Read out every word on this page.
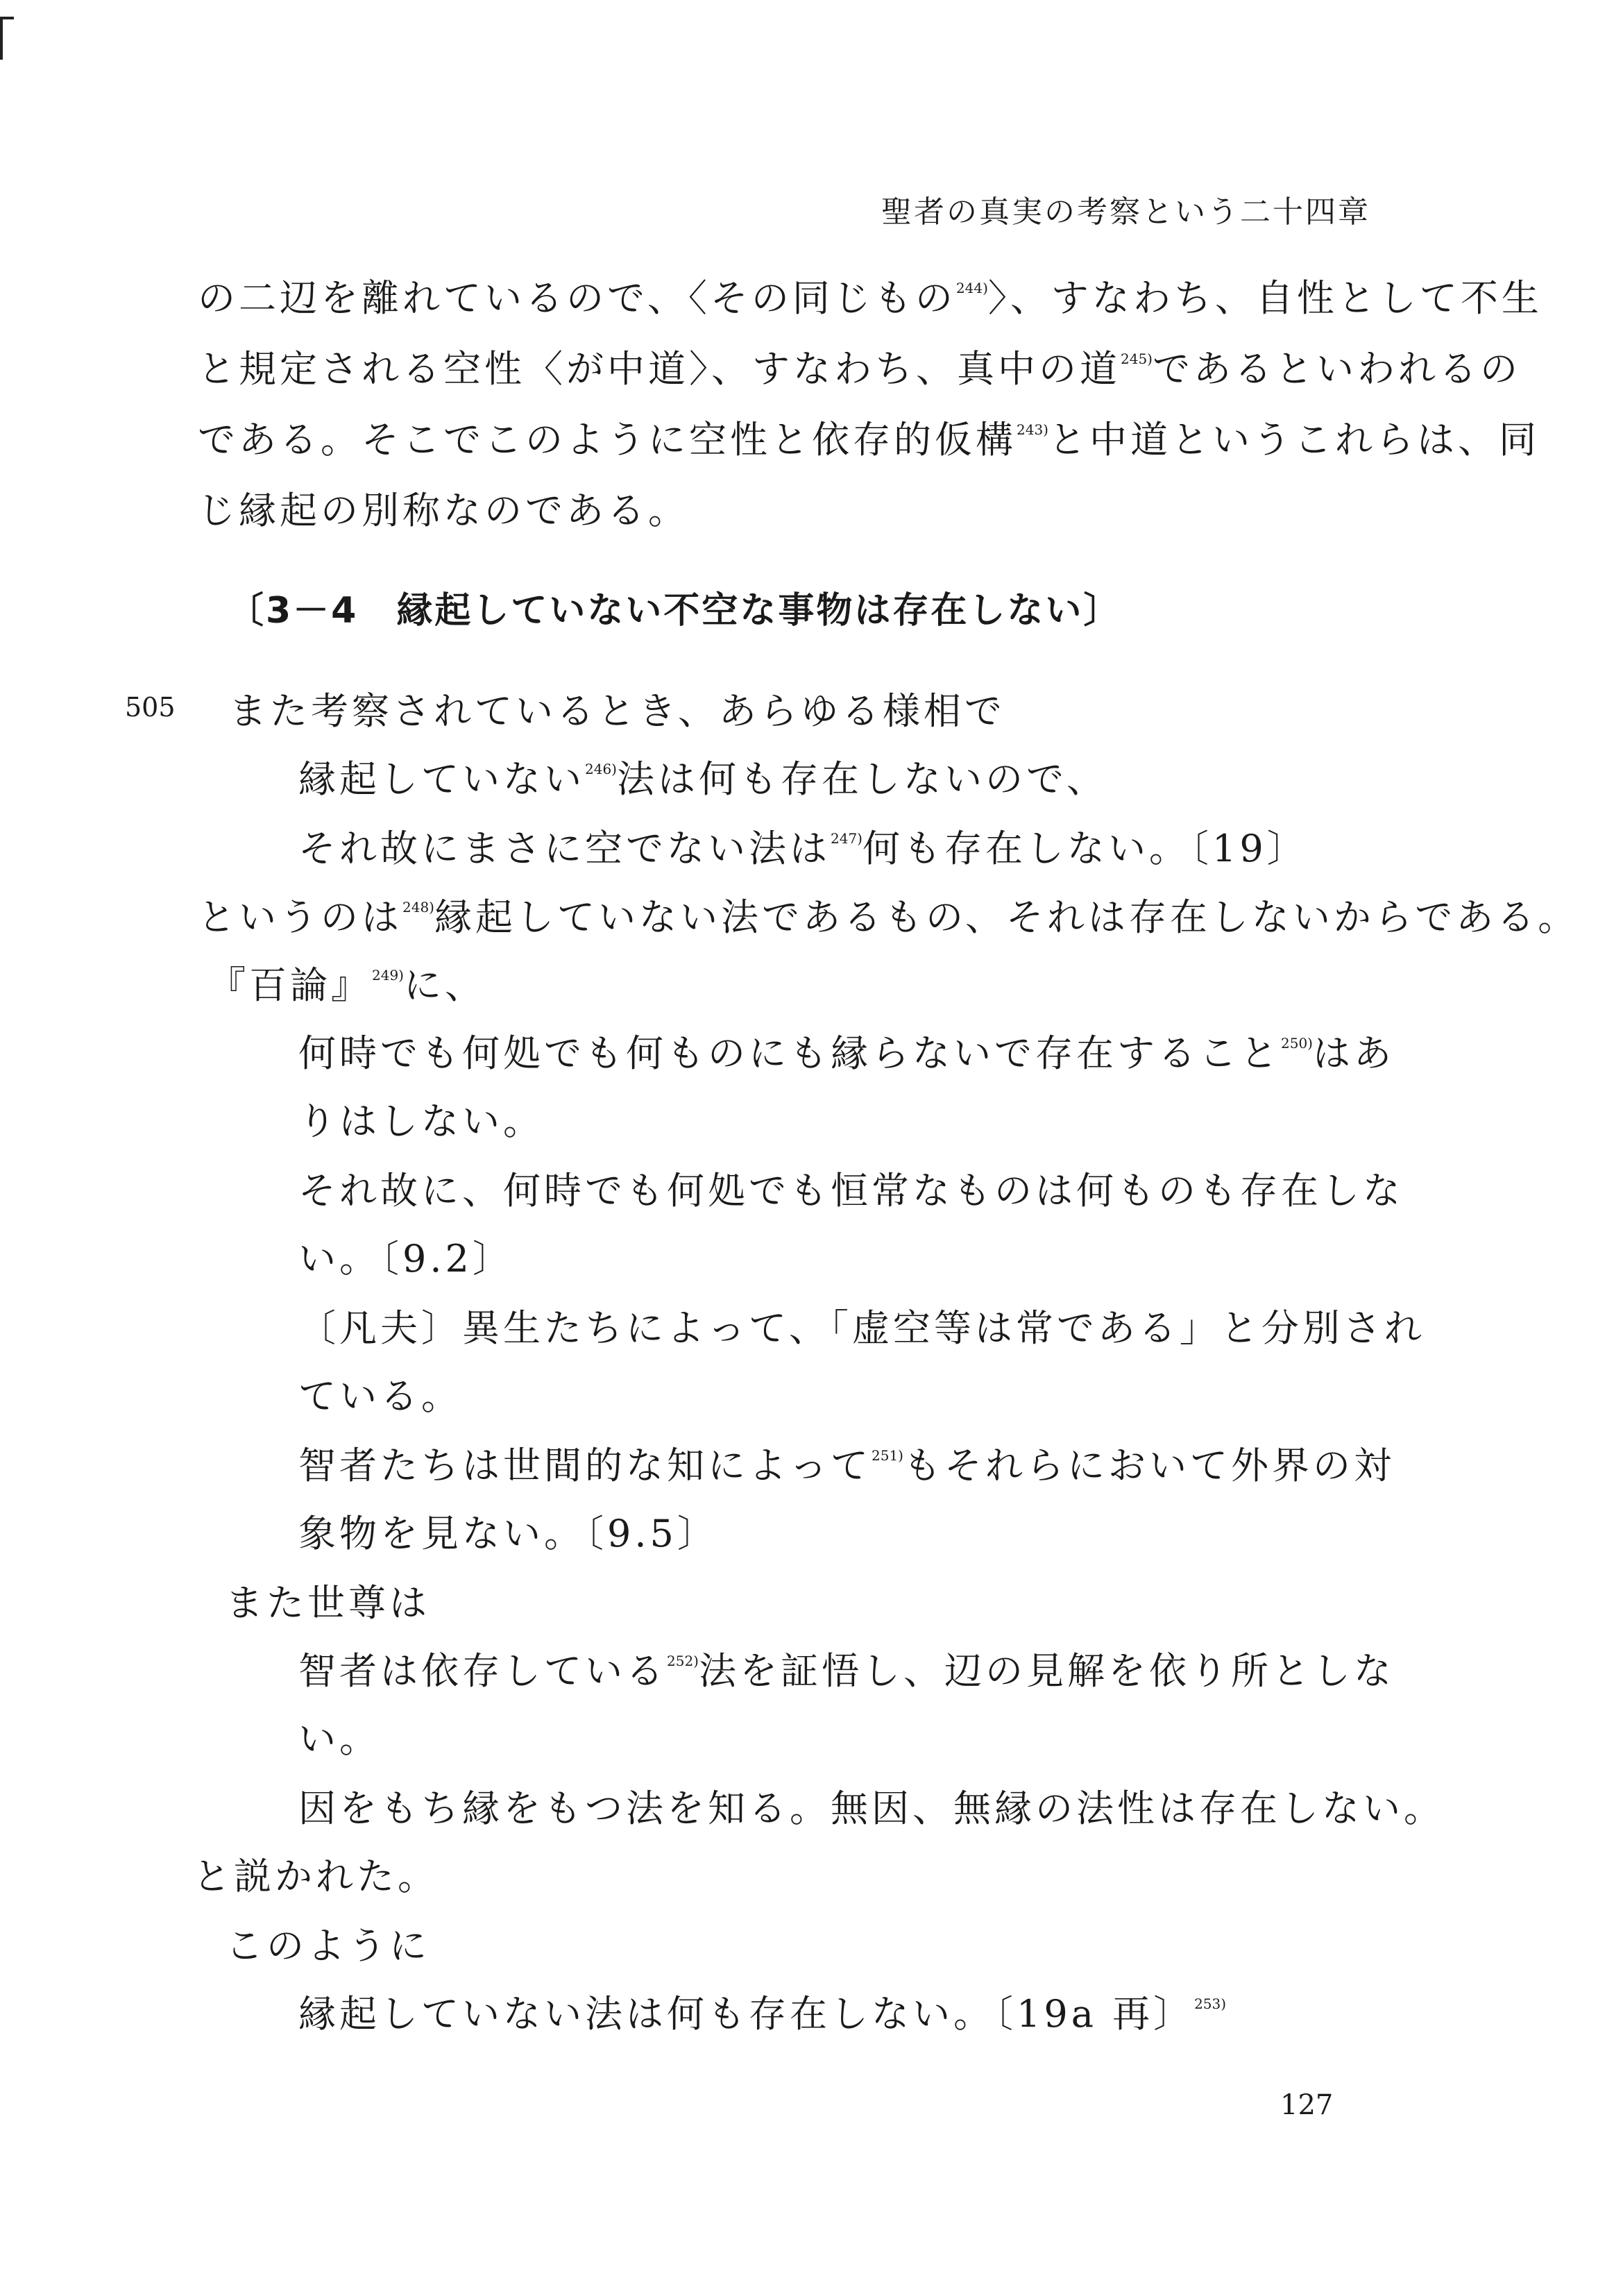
聖者の真実の考察という二十四章
の二辺を離れているので、〈その同じもの$^{244)}$〉、すなわち、自性として不生
と規定される空性〈が中道〉、すなわち、真中の道$^{245)}$であるといわれるの
である。そこでこのように空性と依存的仮構$^{243)}$と中道というこれらは、同
じ縁起の別称なのである。
〔3－4　縁起していない不空な事物は存在しない〕
505 また考察されているとき、あらゆる様相で
縁起していない$^{246)}$法は何も存在しないので、
それ故にまさに空でない法は$^{247)}$何も存在しない。〔19〕
というのは$^{248)}$縁起していない法であるもの、それは存在しないからである。
『百論』$^{249)}$に、
何時でも何処でも何ものにも縁らないで存在すること$^{250)}$はあ
りはしない。
それ故に、何時でも何処でも恒常なものは何ものも存在しな
い。〔9.2〕
〔凡夫〕異生たちによって、「虚空等は常である」と分別され
ている。
智者たちは世間的な知によって$^{251)}$もそれらにおいて外界の対
象物を見ない。〔9.5〕
また世尊は
智者は依存している$^{252)}$法を証悟し、辺の見解を依り所としな
い。
因をもち縁をもつ法を知る。無因、無縁の法性は存在しない。
と説かれた。
このように
縁起していない法は何も存在しない。〔19a 再〕$^{253)}$
127
